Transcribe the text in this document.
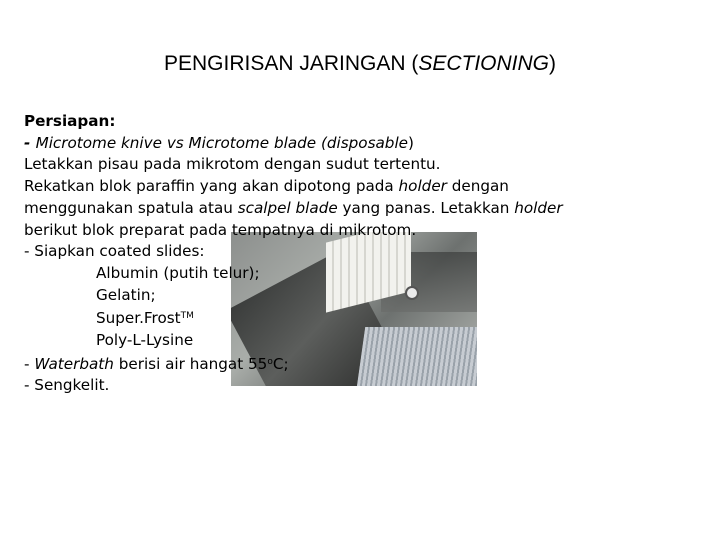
PENGIRISAN JARINGAN (SECTIONING)
Persiapan:
- Microtome knive vs Microtome blade (disposable)
Letakkan pisau pada mikrotom dengan sudut tertentu.
Rekatkan blok paraffin yang akan dipotong pada holder dengan
menggunakan spatula atau scalpel blade yang panas. Letakkan holder
berikut blok preparat pada tempatnya di mikrotom.
- Siapkan coated slides:
Albumin (putih telur);
Gelatin;
Super.Frost™
Poly-L-Lysine
- Waterbath berisi air hangat 55$^o$C;
- Sengkelit.
